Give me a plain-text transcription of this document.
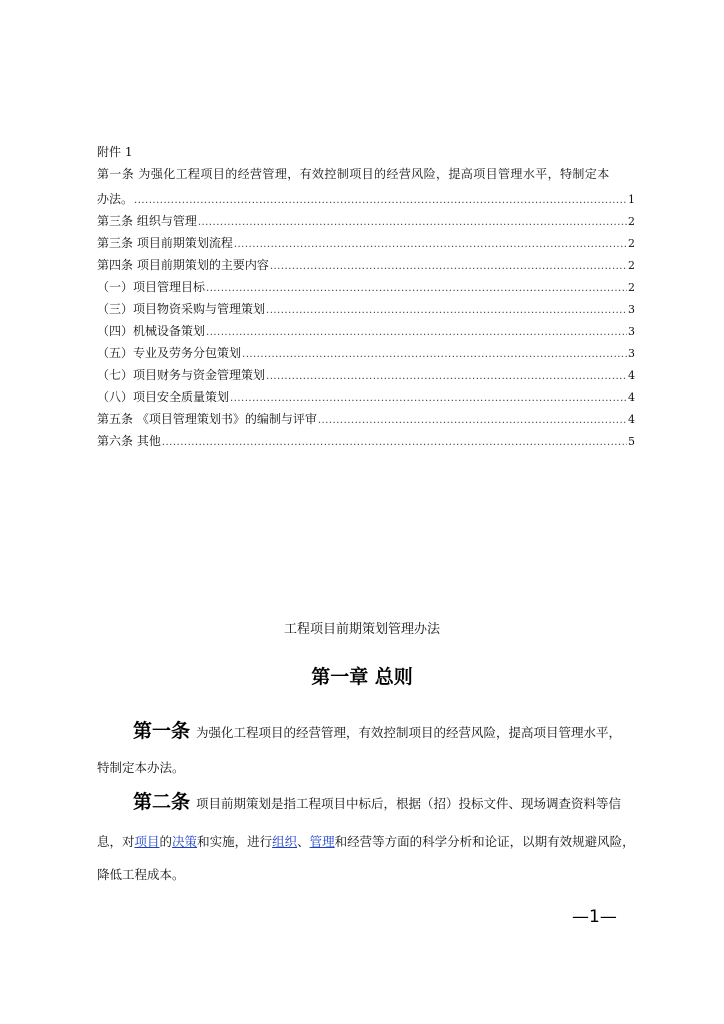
附件 1
第一条 为强化工程项目的经营管理，有效控制项目的经营风险，提高项目管理水平，特制定本
办法。 .....	1
第三条 组织与管理 .....	2
第三条 项目前期策划流程 .....	2
第四条 项目前期策划的主要内容 .....	2
（一）项目管理目标 .....	2
（三）项目物资采购与管理策划 .....	3
（四）机械设备策划 .....	3
（五）专业及劳务分包策划 .....	3
（七）项目财务与资金管理策划 .....	4
（八）项目安全质量策划 .....	4
第五条 《项目管理策划书》的编制与评审 .....	4
第六条 其他 .....	5
工程项目前期策划管理办法
第一章 总则
第一条 为强化工程项目的经营管理，有效控制项目的经营风险，提高项目管理水平，
特制定本办法。
第二条 项目前期策划是指工程项目中标后，根据（招）投标文件、现场调查资料等信
息，对项目的决策和实施，进行组织、管理和经营等方面的科学分析和论证，以期有效规避风险，
降低工程成本。
—1—
